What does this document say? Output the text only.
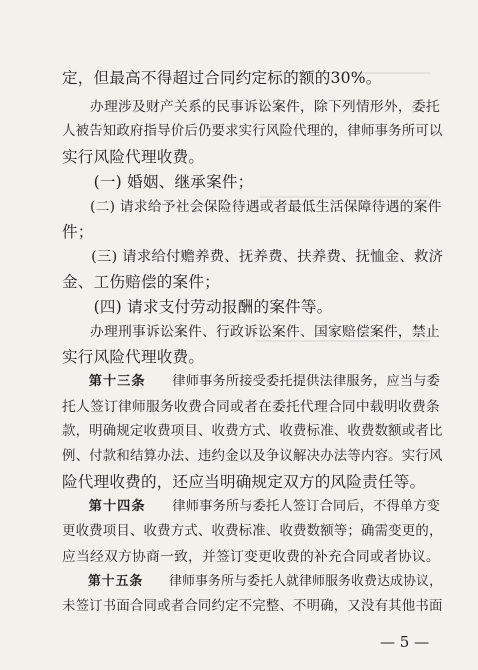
定，但最高不得超过合同约定标的额的30%。
　　办理涉及财产关系的民事诉讼案件，除下列情形外，委托
人被告知政府指导价后仍要求实行风险代理的，律师事务所可以
实行风险代理收费。
　　(一) 婚姻、继承案件；
　　(二) 请求给予社会保险待遇或者最低生活保障待遇的案件
件；
　　(三) 请求给付赡养费、抚养费、扶养费、抚恤金、救济
金、工伤赔偿的案件；
　　(四) 请求支付劳动报酬的案件等。
　　办理刑事诉讼案件、行政诉讼案件、国家赔偿案件，禁止
实行风险代理收费。
　　第十三条　　律师事务所接受委托提供法律服务，应当与委
托人签订律师服务收费合同或者在委托代理合同中载明收费条
款，明确规定收费项目、收费方式、收费标准、收费数额或者比
例、付款和结算办法、违约金以及争议解决办法等内容。实行风
险代理收费的，还应当明确规定双方的风险责任等。
　　第十四条　　律师事务所与委托人签订合同后，不得单方变
更收费项目、收费方式、收费标准、收费数额等；确需变更的，
应当经双方协商一致，并签订变更收费的补充合同或者协议。
　　第十五条　　律师事务所与委托人就律师服务收费达成协议，
未签订书面合同或者合同约定不完整、不明确，又没有其他书面
— 5 —
